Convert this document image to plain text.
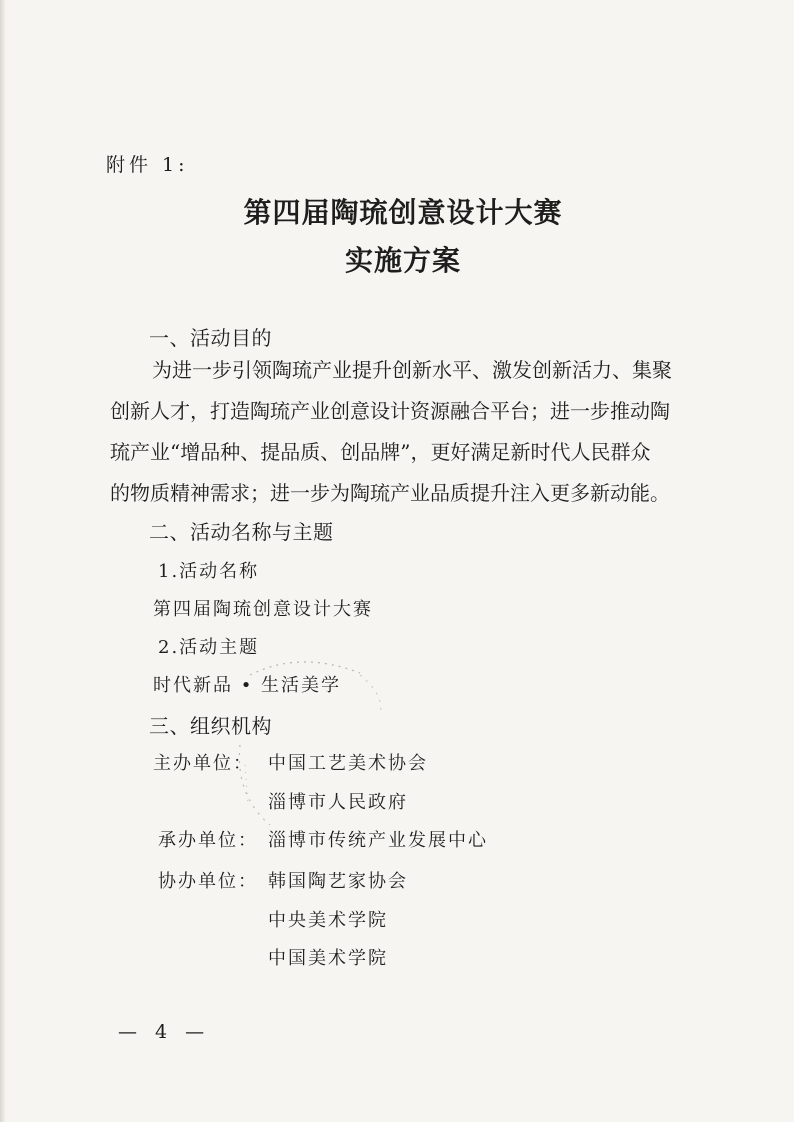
附件 1:
第四届陶琉创意设计大赛
实施方案
一、活动目的
为进一步引领陶琉产业提升创新水平、激发创新活力、集聚
创新人才，打造陶琉产业创意设计资源融合平台；进一步推动陶
琉产业“增品种、提品质、创品牌”，更好满足新时代人民群众
的物质精神需求；进一步为陶琉产业品质提升注入更多新动能。
二、活动名称与主题
1.活动名称
第四届陶琉创意设计大赛
2.活动主题
时代新品 • 生活美学
三、组织机构
主办单位： 中国工艺美术协会
淄博市人民政府
承办单位： 淄博市传统产业发展中心
协办单位： 韩国陶艺家协会
中央美术学院
中国美术学院
— 4 —
